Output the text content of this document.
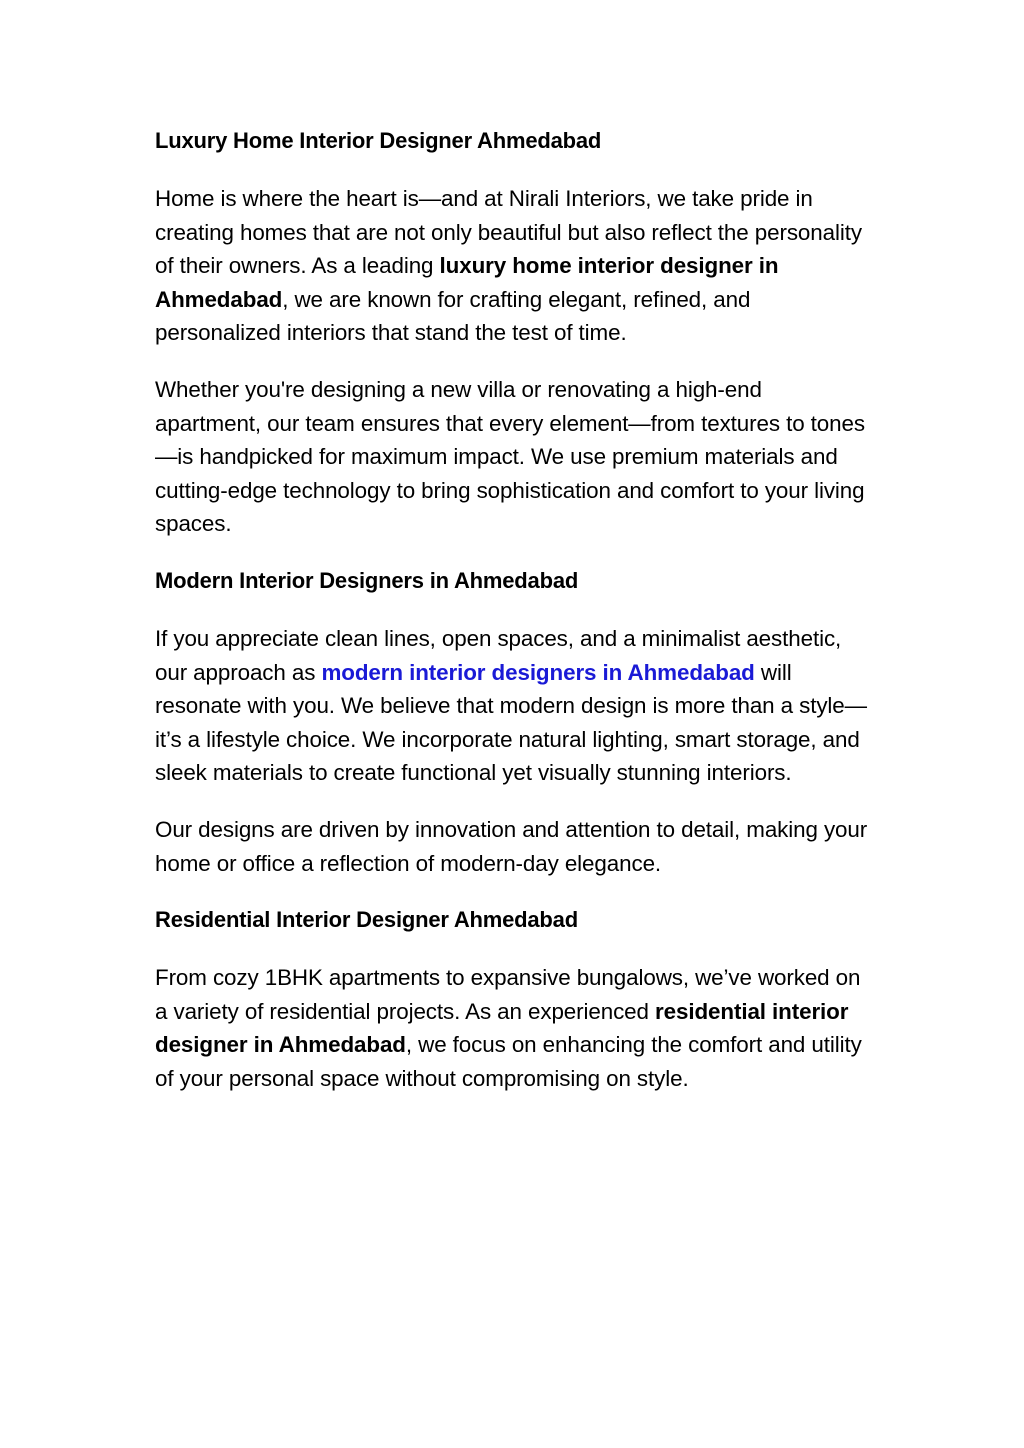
Luxury Home Interior Designer Ahmedabad
Home is where the heart is—and at Nirali Interiors, we take pride in creating homes that are not only beautiful but also reflect the personality of their owners. As a leading luxury home interior designer in Ahmedabad, we are known for crafting elegant, refined, and personalized interiors that stand the test of time.
Whether you're designing a new villa or renovating a high-end apartment, our team ensures that every element—from textures to tones—is handpicked for maximum impact. We use premium materials and cutting-edge technology to bring sophistication and comfort to your living spaces.
Modern Interior Designers in Ahmedabad
If you appreciate clean lines, open spaces, and a minimalist aesthetic, our approach as modern interior designers in Ahmedabad will resonate with you. We believe that modern design is more than a style—it’s a lifestyle choice. We incorporate natural lighting, smart storage, and sleek materials to create functional yet visually stunning interiors.
Our designs are driven by innovation and attention to detail, making your home or office a reflection of modern-day elegance.
Residential Interior Designer Ahmedabad
From cozy 1BHK apartments to expansive bungalows, we’ve worked on a variety of residential projects. As an experienced residential interior designer in Ahmedabad, we focus on enhancing the comfort and utility of your personal space without compromising on style.
